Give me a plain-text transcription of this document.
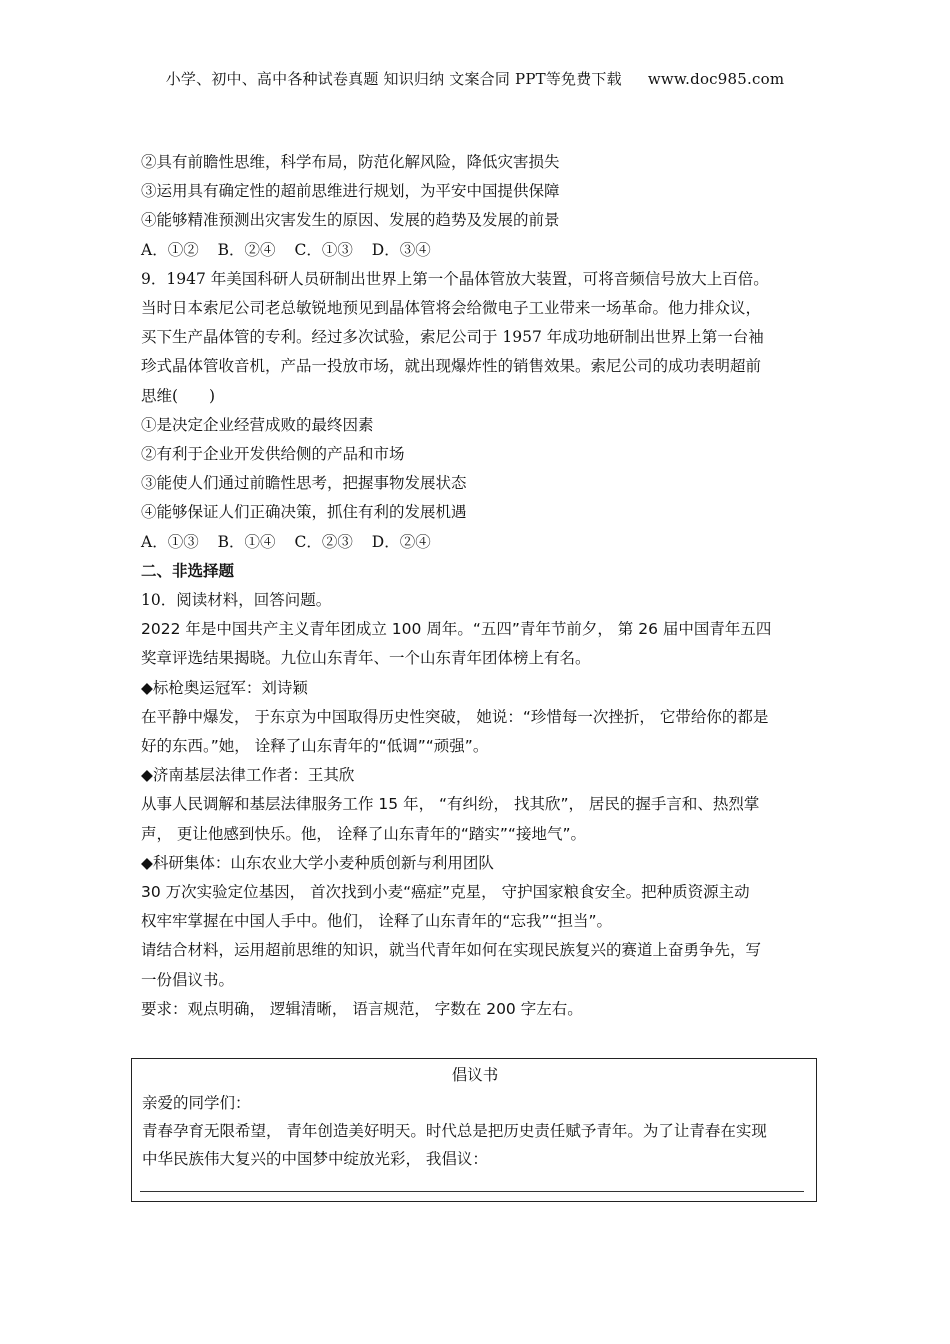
小学、初中、高中各种试卷真题 知识归纳 文案合同 PPT等免费下载 www.doc985.com
②具有前瞻性思维，科学布局，防范化解风险，降低灾害损失
③运用具有确定性的超前思维进行规划，为平安中国提供保障
④能够精准预测出灾害发生的原因、发展的趋势及发展的前景
A．①② B．②④ C．①③ D．③④
9．1947 年美国科研人员研制出世界上第一个晶体管放大装置，可将音频信号放大上百倍。
当时日本索尼公司老总敏锐地预见到晶体管将会给微电子工业带来一场革命。他力排众议，
买下生产晶体管的专利。经过多次试验，索尼公司于 1957 年成功地研制出世界上第一台袖
珍式晶体管收音机，产品一投放市场，就出现爆炸性的销售效果。索尼公司的成功表明超前
思维(　　)
①是决定企业经营成败的最终因素
②有利于企业开发供给侧的产品和市场
③能使人们通过前瞻性思考，把握事物发展状态
④能够保证人们正确决策，抓住有利的发展机遇
A．①③ B．①④ C．②③ D．②④
二、非选择题
10．阅读材料，回答问题。
2022 年是中国共产主义青年团成立 100 周年。“五四”青年节前夕， 第 26 届中国青年五四
奖章评选结果揭晓。九位山东青年、一个山东青年团体榜上有名。
◆标枪奥运冠军：刘诗颖
在平静中爆发， 于东京为中国取得历史性突破， 她说：“珍惜每一次挫折， 它带给你的都是
好的东西。”她， 诠释了山东青年的“低调”“顽强”。
◆济南基层法律工作者：王其欣
从事人民调解和基层法律服务工作 15 年， “有纠纷， 找其欣”， 居民的握手言和、热烈掌
声， 更让他感到快乐。他， 诠释了山东青年的“踏实”“接地气”。
◆科研集体：山东农业大学小麦种质创新与利用团队
30 万次实验定位基因， 首次找到小麦“癌症”克星， 守护国家粮食安全。把种质资源主动
权牢牢掌握在中国人手中。他们， 诠释了山东青年的“忘我”“担当”。
请结合材料，运用超前思维的知识，就当代青年如何在实现民族复兴的赛道上奋勇争先，写
一份倡议书。
要求：观点明确， 逻辑清晰， 语言规范， 字数在 200 字左右。
倡议书
亲爱的同学们：
青春孕育无限希望， 青年创造美好明天。时代总是把历史责任赋予青年。为了让青春在实现
中华民族伟大复兴的中国梦中绽放光彩， 我倡议：
